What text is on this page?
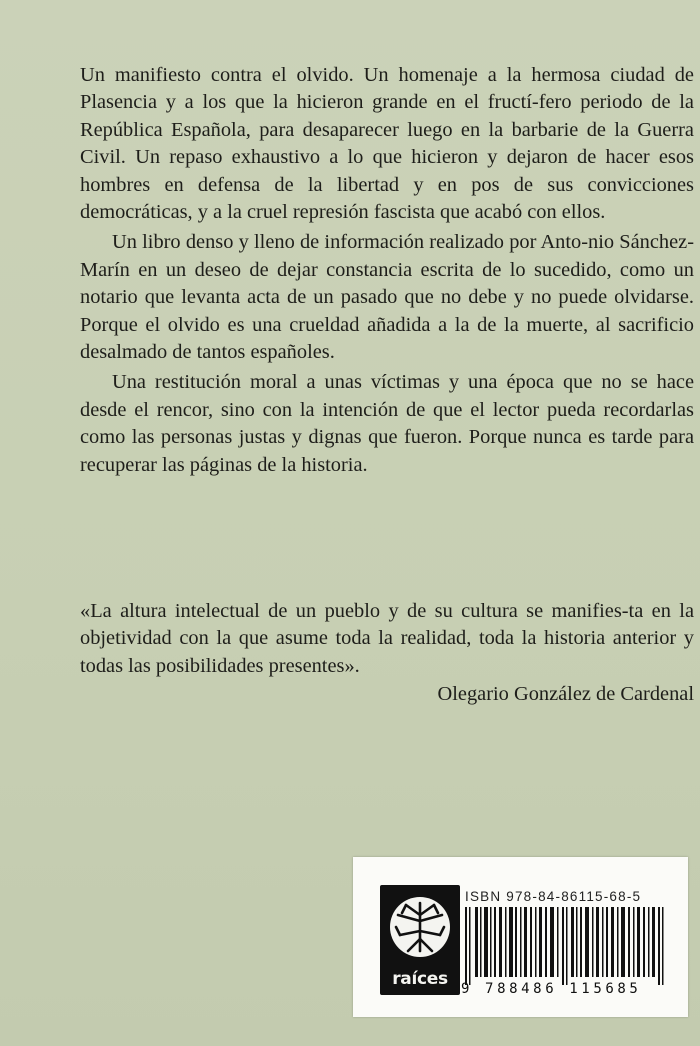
Un manifiesto contra el olvido. Un homenaje a la hermosa ciudad de Plasencia y a los que la hicieron grande en el fructí-fero periodo de la República Española, para desaparecer luego en la barbarie de la Guerra Civil. Un repaso exhaustivo a lo que hicieron y dejaron de hacer esos hombres en defensa de la libertad y en pos de sus convicciones democráticas, y a la cruel represión fascista que acabó con ellos.

Un libro denso y lleno de información realizado por Anto-nio Sánchez-Marín en un deseo de dejar constancia escrita de lo sucedido, como un notario que levanta acta de un pasado que no debe y no puede olvidarse. Porque el olvido es una crueldad añadida a la de la muerte, al sacrificio desalmado de tantos españoles.

Una restitución moral a unas víctimas y una época que no se hace desde el rencor, sino con la intención de que el lector pueda recordarlas como las personas justas y dignas que fueron. Porque nunca es tarde para recuperar las páginas de la historia.

«La altura intelectual de un pueblo y de su cultura se manifies-ta en la objetividad con la que asume toda la realidad, toda la historia anterior y todas las posibilidades presentes».

Olegario González de Cardenal

raíces
ISBN 978-84-86115-68-5
9 788486 115685
